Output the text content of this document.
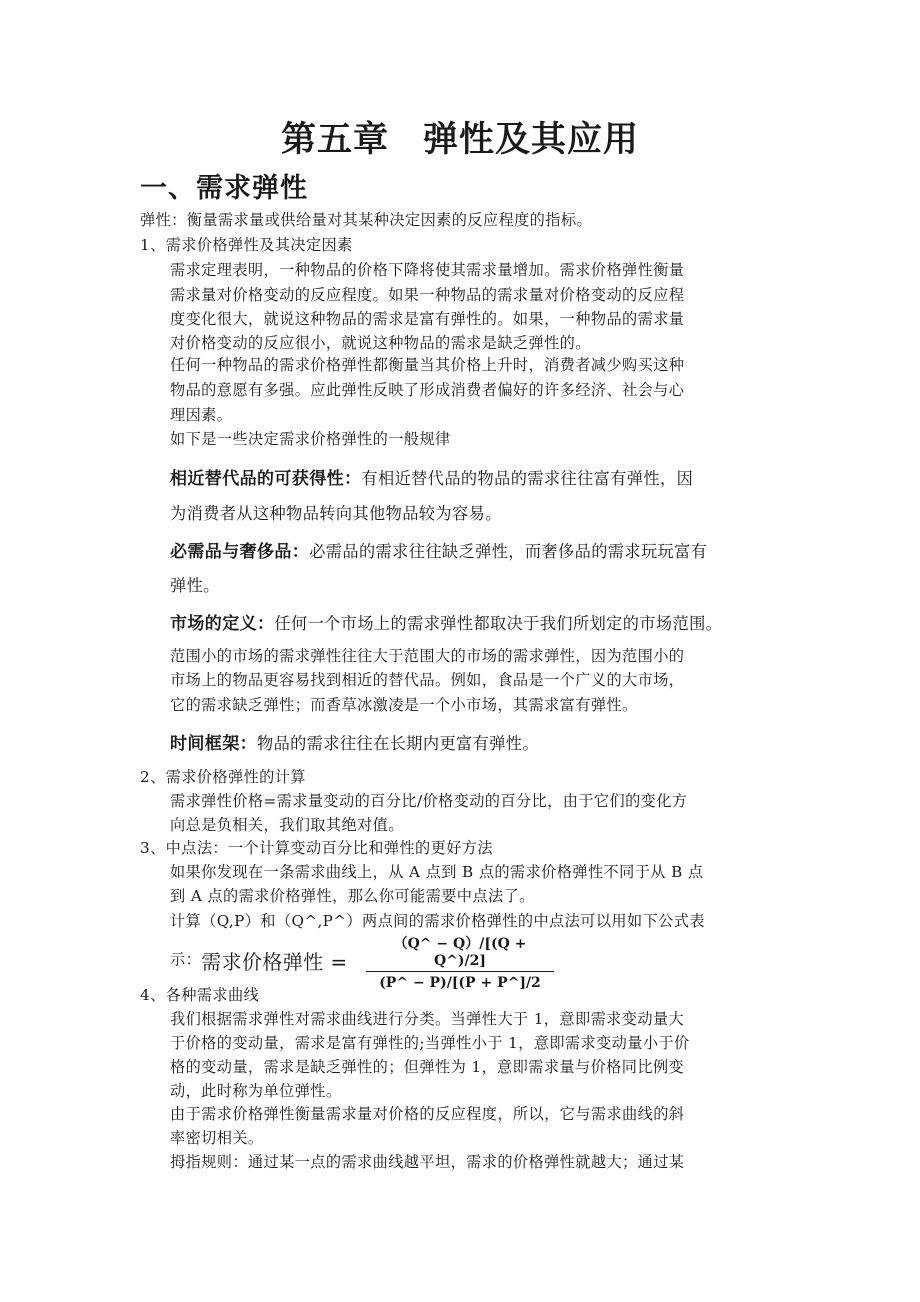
第五章 弹性及其应用
一、需求弹性
弹性：衡量需求量或供给量对其某种决定因素的反应程度的指标。
1、需求价格弹性及其决定因素
需求定理表明，一种物品的价格下降将使其需求量增加。需求价格弹性衡量
需求量对价格变动的反应程度。如果一种物品的需求量对价格变动的反应程
度变化很大，就说这种物品的需求是富有弹性的。如果，一种物品的需求量
对价格变动的反应很小，就说这种物品的需求是缺乏弹性的。
任何一种物品的需求价格弹性都衡量当其价格上升时，消费者减少购买这种
物品的意愿有多强。应此弹性反映了形成消费者偏好的许多经济、社会与心
理因素。
如下是一些决定需求价格弹性的一般规律
相近替代品的可获得性：有相近替代品的物品的需求往往富有弹性，因
为消费者从这种物品转向其他物品较为容易。
必需品与奢侈品：必需品的需求往往缺乏弹性，而奢侈品的需求玩玩富有
弹性。
市场的定义：任何一个市场上的需求弹性都取决于我们所划定的市场范围。
范围小的市场的需求弹性往往大于范围大的市场的需求弹性，因为范围小的
市场上的物品更容易找到相近的替代品。例如，食品是一个广义的大市场，
它的需求缺乏弹性；而香草冰激凌是一个小市场，其需求富有弹性。
时间框架：物品的需求往往在长期内更富有弹性。
2、需求价格弹性的计算
需求弹性价格=需求量变动的百分比/价格变动的百分比，由于它们的变化方
向总是负相关，我们取其绝对值。
3、中点法：一个计算变动百分比和弹性的更好方法
如果你发现在一条需求曲线上，从 A 点到 B 点的需求价格弹性不同于从 B 点
到 A 点的需求价格弹性，那么你可能需要中点法了。
计算（Q,P）和（Q^,P^）两点间的需求价格弹性的中点法可以用如下公式表
示：需求价格弹性 = $\frac{(Q\^{} - Q)/[(Q + Q\^{})/2]}{(P\^{} - P)/[(P + P\^{}]/2}$
4、各种需求曲线
我们根据需求弹性对需求曲线进行分类。当弹性大于 1，意即需求变动量大
于价格的变动量，需求是富有弹性的;当弹性小于 1，意即需求变动量小于价
格的变动量，需求是缺乏弹性的；但弹性为 1，意即需求量与价格同比例变
动，此时称为单位弹性。
由于需求价格弹性衡量需求量对价格的反应程度，所以，它与需求曲线的斜
率密切相关。
拇指规则：通过某一点的需求曲线越平坦，需求的价格弹性就越大；通过某
